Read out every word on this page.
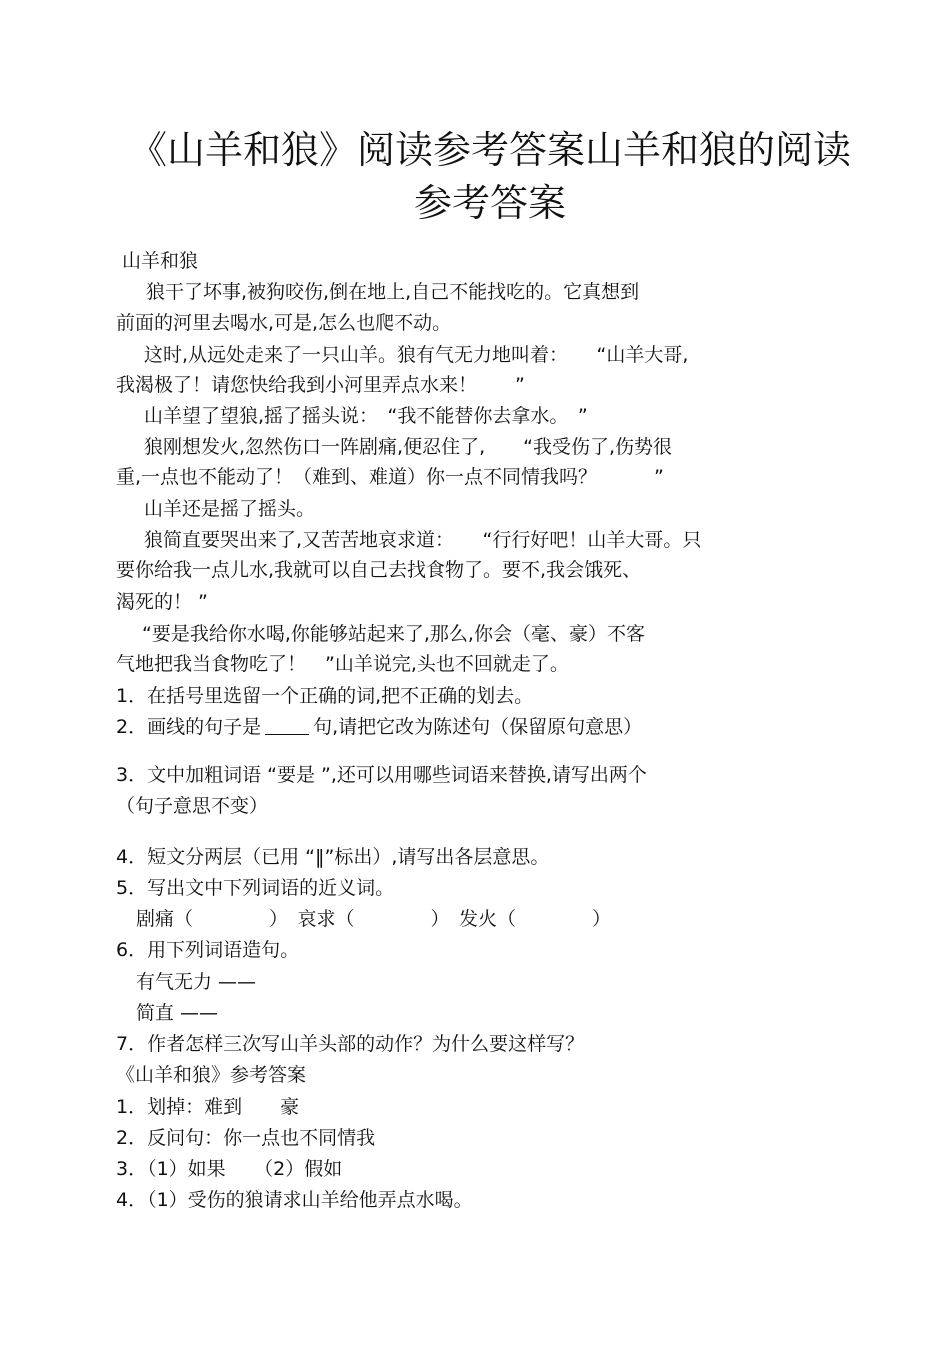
《山羊和狼》阅读参考答案山羊和狼的阅读
参考答案
山羊和狼
狼干了坏事,被狗咬伤,倒在地上,自己不能找吃的。它真想到
前面的河里去喝水,可是,怎么也爬不动。
这时,从远处走来了一只山羊。狼有气无力地叫着：　　“山羊大哥,
我渴极了！请您快给我到小河里弄点水来！　　”
山羊望了望狼,摇了摇头说：　“我不能替你去拿水。　”
狼刚想发火,忽然伤口一阵剧痛,便忍住了,　　“我受伤了,伤势很
重,一点也不能动了！（难到、难道）你一点不同情我吗？　　　”
山羊还是摇了摇头。
狼简直要哭出来了,又苦苦地哀求道：　　“行行好吧！山羊大哥。只
要你给我一点儿水,我就可以自己去找食物了。要不,我会饿死、
渴死的！ ”
“要是我给你水喝,你能够站起来了,那么,你会（毫、豪）不客
气地把我当食物吃了！　”山羊说完,头也不回就走了。
1．在括号里选留一个正确的词,把不正确的划去。
2．画线的句子是	句,请把它改为陈述句（保留原句意思）
3．文中加粗词语 “要是 ”,还可以用哪些词语来替换,请写出两个
（句子意思不变）
4．短文分两层（已用 “‖”标出）,请写出各层意思。
5．写出文中下列词语的近义词。
剧痛（　　　　）　哀求（　　　　）　发火（　　　　）
6．用下列词语造句。
有气无力 ——
简直 ——
7．作者怎样三次写山羊头部的动作？为什么要这样写？
《山羊和狼》参考答案
1．划掉：难到　　豪
2．反问句：你一点也不同情我
3．（1）如果　　（2）假如
4．（1）受伤的狼请求山羊给他弄点水喝。
